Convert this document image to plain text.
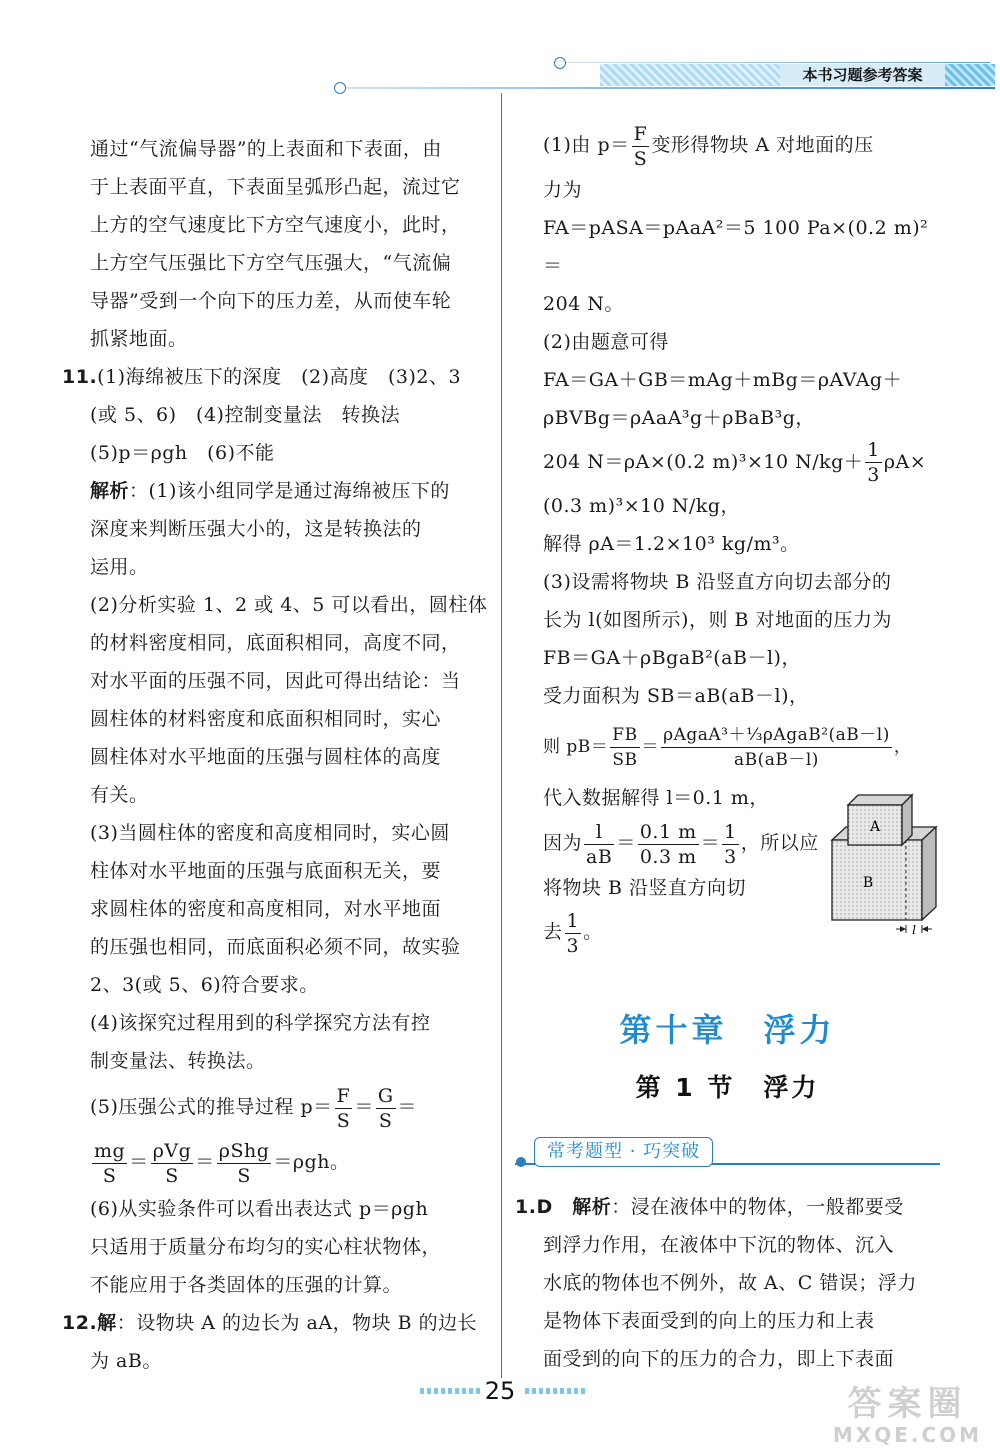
本书习题参考答案

通过“气流偏导器”的上表面和下表面，由

于上表面平直，下表面呈弧形凸起，流过它

上方的空气速度比下方空气速度小，此时，

上方空气压强比下方空气压强大，“气流偏

导器”受到一个向下的压力差，从而使车轮

抓紧地面。

11.(1)海绵被压下的深度　(2)高度　(3)2、3

(或 5、6)　(4)控制变量法　转换法

(5)p＝ρgh　(6)不能

解析：(1)该小组同学是通过海绵被压下的

深度来判断压强大小的，这是转换法的

运用。

(2)分析实验 1、2 或 4、5 可以看出，圆柱体

的材料密度相同，底面积相同，高度不同，

对水平面的压强不同，因此可得出结论：当

圆柱体的材料密度和底面积相同时，实心

圆柱体对水平地面的压强与圆柱体的高度

有关。

(3)当圆柱体的密度和高度相同时，实心圆

柱体对水平地面的压强与底面积无关，要

求圆柱体的密度和高度相同，对水平地面

的压强也相同，而底面积必须不同，故实验

2、3(或 5、6)符合要求。

(4)该探究过程用到的科学探究方法有控

制变量法、转换法。

(5)压强公式的推导过程 $p= \frac{F}{S} = \frac{G}{S}$ ＝

$\frac{mg}{S} = \frac{\text{ρVg}}{S} = \frac{\text{ρShg}}{S} =\rho gh$。

(6)从实验条件可以看出表达式 p＝ρgh

只适用于质量分布均匀的实心柱状物体，

不能应用于各类固体的压强的计算。

12.解：设物块 A 的边长为 aA，物块 B 的边长

为 aB。

(1)由 $p= \frac{F}{S}$ 变形得物块 A 对地面的压

力为

FA＝pASA＝pAaA²＝5 100 Pa×(0.2 m)²＝

204 N。

(2)由题意可得

FA＝GA＋GB＝mAg＋mBg＝ρAVAg＋

ρBVBg＝ρAaA³g＋ρBaB³g，

204 N＝ρA×(0.2 m)³×10 $N/kg+ \frac{1}{3} \rho A\times$

(0.3 m)³×10 N/kg，

解得 ρA＝1.2×10³ kg/m³。

(3)设需将物块 B 沿竖直方向切去部分的

长为 l(如图所示)，则 B 对地面的压力为

FB＝GA＋ρBgaB²(aB－l)，

受力面积为 SB＝aB(aB－l)，

则 $pB= \frac{FB}{SB} = \frac{\text{ρAgaA³＋⅓ρAgaB²(aB－l)}}{aB(aB-l)}$ ，

代入数据解得 l＝0.1 m，

因为 $\frac{l}{aB} = \frac{0.1 m}{0.3 m} = \frac{1}{3}$ ，所以应

将物块 B 沿竖直方向切

去 $\frac{1}{3}$ 。

A
B
l
第十章　浮力
第 1 节　浮力
常考题型 · 巧突破

1.D　 解析：浸在液体中的物体，一般都要受

到浮力作用，在液体中下沉的物体、沉入

水底的物体也不例外，故 A、C 错误；浮力

是物体下表面受到的向上的压力和上表

面受到的向下的压力的合力，即上下表面

25	答案圈
MXQE.COM
